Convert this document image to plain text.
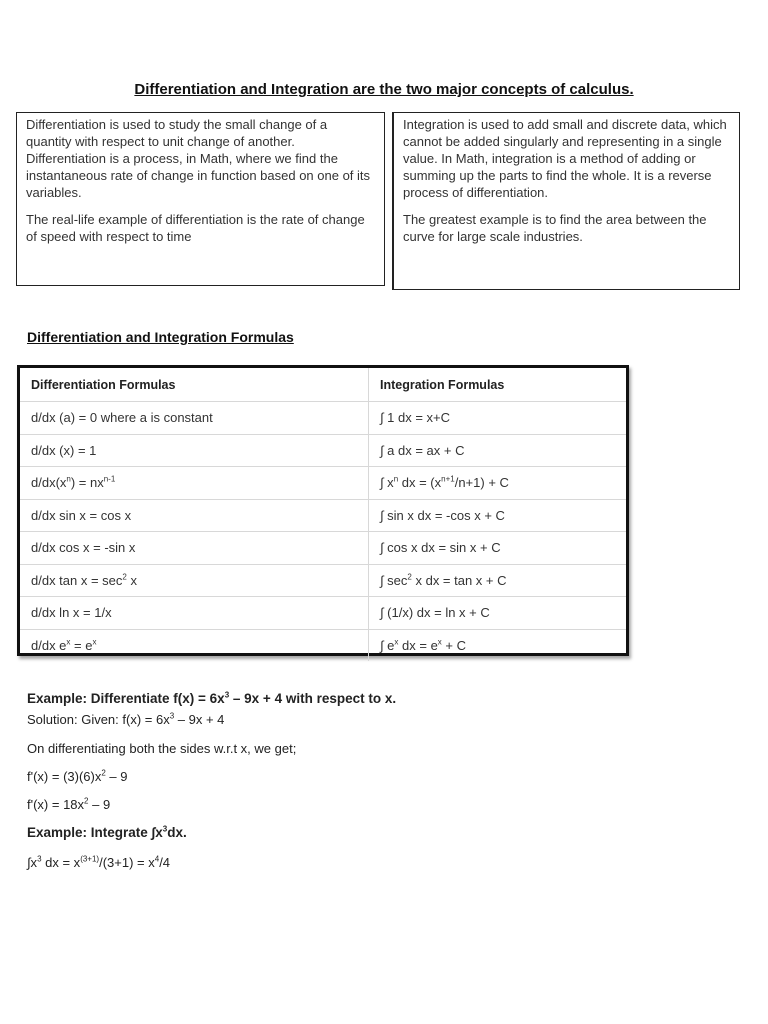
Differentiation and Integration are the two major concepts of calculus.

Differentiation is used to study the small change of a quantity with respect to unit change of another. Differentiation is a process, in Math, where we find the instantaneous rate of change in function based on one of its variables.

The real-life example of differentiation is the rate of change of speed with respect to time

Integration is used to add small and discrete data, which cannot be added singularly and representing in a single value. In Math, integration is a method of adding or summing up the parts to find the whole. It is a reverse process of differentiation.

The greatest example is to find the area between the curve for large scale industries.

Differentiation and Integration Formulas
Differentiation Formulas	Integration Formulas
d/dx (a) = 0 where a is constant	∫ 1 dx = x+C
d/dx (x) = 1	∫ a dx = ax + C
$d/dx(x^n) = nx^{n-1}$	∫ $x^n$ dx = $(x^{n+1}/n+1) + C$
d/dx sin x = cos x	∫ sin x dx = -cos x + C
d/dx cos x = -sin x	∫ cos x dx = sin x + C
d/dx $\tan x = \sec^2 x$	∫ $\sec^2 x$ dx = tan x + C
d/dx ln x = 1/x	∫ (1/x) dx = ln x + C
d/dx $e^x = e^x$	∫ $e^x$ dx = $e^x + C$
Example: Differentiate $f(x) = 6x^3 - 9x + 4$ with respect to x.
Solution: Given: $f(x) = 6x^3 - 9x + 4$
On differentiating both the sides w.r.t x, we get;
$f'(x) = (3)(6)x^2 - 9$
$f'(x) = 18x^2 - 9$
Example: Integrate $\int x^3dx$.
$\int x^3$ dx = $x^{(3+1)}/(3+1) = x^4/4$
